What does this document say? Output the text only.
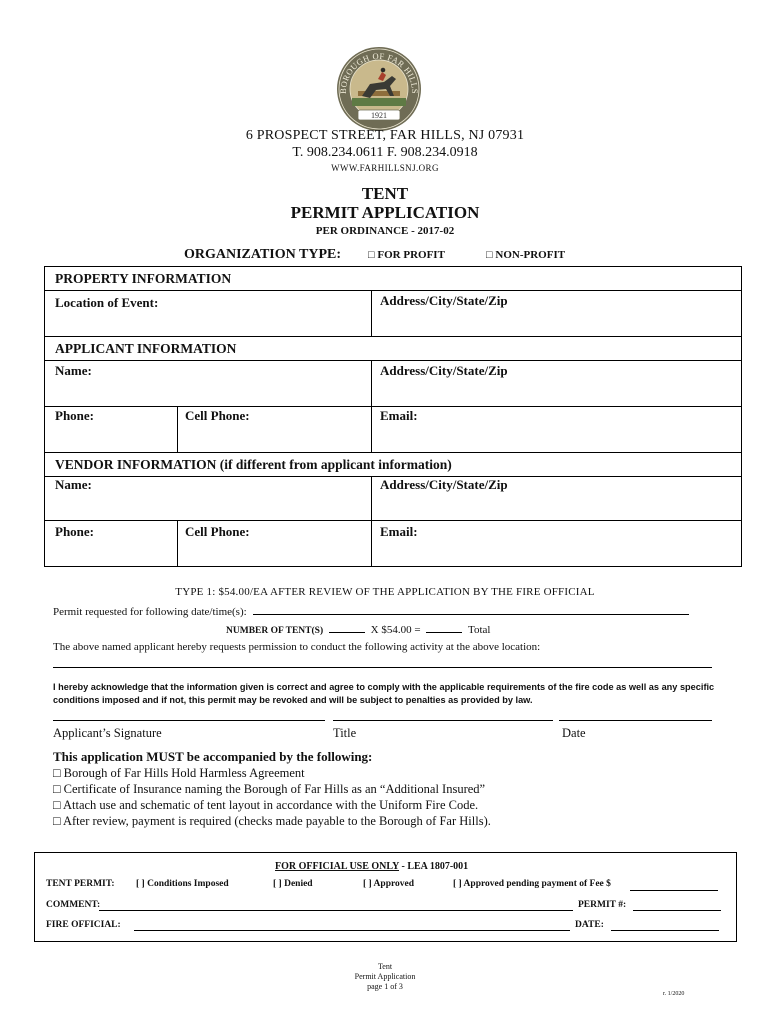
BOROUGH OF FAR HILLS
1921
6 PROSPECT STREET, FAR HILLS, NJ 07931
T. 908.234.0611 F. 908.234.0918
WWW.FARHILLSNJ.ORG
TENT
PERMIT APPLICATION
PER ORDINANCE - 2017-02
ORGANIZATION TYPE: □ FOR PROFIT	□ NON-PROFIT
PROPERTY INFORMATION
Location of Event:	Address/City/State/Zip
APPLICANT INFORMATION
Name:	Address/City/State/Zip
Phone:	Cell Phone:	Email:
VENDOR INFORMATION (if different from applicant information)
Name:	Address/City/State/Zip
Phone:	Cell Phone:	Email:
TYPE 1: $54.00/EA AFTER REVIEW OF THE APPLICATION BY THE FIRE OFFICIAL
Permit requested for following date/time(s):
NUMBER OF TENT(S)	X $54.00 =	Total
The above named applicant hereby requests permission to conduct the following activity at the above location:
I hereby acknowledge that the information given is correct and agree to comply with the applicable requirements of the fire code as well as any specific conditions imposed and if not, this permit may be revoked and will be subject to penalties as provided by law.
Applicant’s Signature	Title	Date
This application MUST be accompanied by the following:
□ Borough of Far Hills Hold Harmless Agreement
□ Certificate of Insurance naming the Borough of Far Hills as an “Additional Insured”
□ Attach use and schematic of tent layout in accordance with the Uniform Fire Code.
□ After review, payment is required (checks made payable to the Borough of Far Hills).
FOR OFFICIAL USE ONLY - LEA 1807-001
TENT PERMIT: [ ] Conditions Imposed	[ ] Denied	[ ] Approved	[ ] Approved pending payment of Fee $
COMMENT:	PERMIT #:
FIRE OFFICIAL:	DATE:
Tent
Permit Application
page 1 of 3
r. 1/2020
